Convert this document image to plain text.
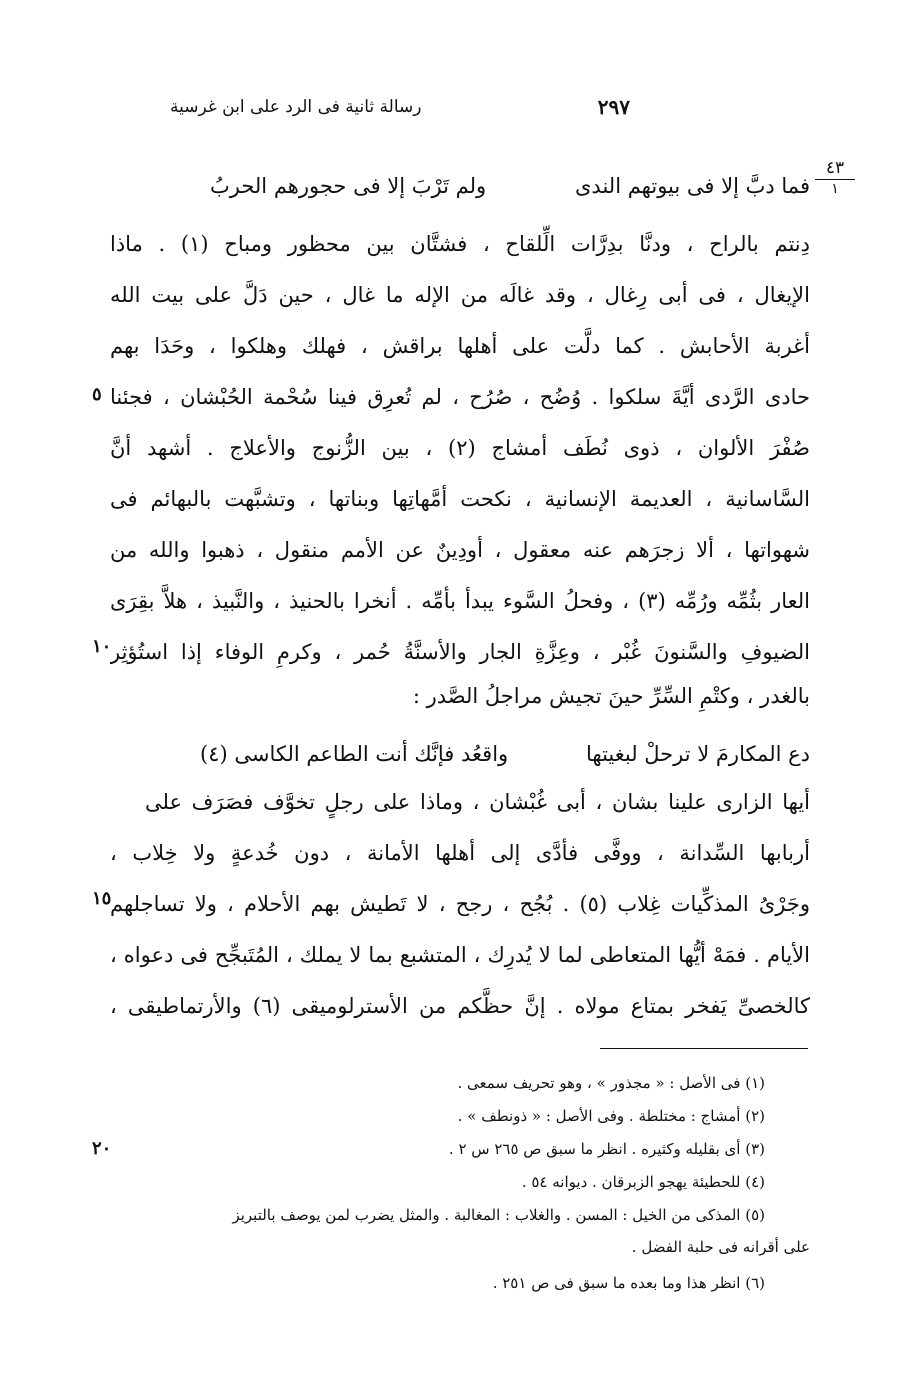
٢٩٧
رسالة ثانية فى الرد على ابن غرسية
٤٣
١
فما دبَّ إلا فى بيوتهم الندى
ولم تَرْبَ إلا فى حجورهم الحربُ
دِنتم بالراح ، ودنَّا بدِرَّات الِّلقاح ، فشتَّان بين محظور ومباح (١) . ماذا
الإيغال ، فى أبى رِغال ، وقد غالَه من الإله ما غال ، حين دَلَّ على بيت الله
أغربة الأحابش . كما دلَّت على أهلها براقش ، فهلك وهلكوا ، وحَدَا بهم
حادى الرَّدى أيَّةَ سلكوا . وُضُح ، صُرُح ، لم تُعرِق فينا سُحْمة الحُبْشان ، فجئنا
صُفْرَ الألوان ، ذوى نُطَف أمشاج (٢) ، بين الزُّنوج والأعلاج . أشهد أنَّ
السَّاسانية ، العديمة الإنسانية ، نكحت أمَّهاتِها وبناتها ، وتشبَّهت بالبهائم فى
شهواتها ، ألا زجرَهم عنه معقول ، أودِينٌ عن الأمم منقول ، ذهبوا والله من
العار بثُمِّه ورُمِّه (٣) ، وفحلُ السَّوء يبدأ بأمِّه . أنخرا بالحنيذ ، والنَّبيذ ، هلاَّ بقِرَى
الضيوفِ والسَّنونَ غُبْر ، وعِزَّةِ الجار والأسنَّةُ حُمر ، وكرمِ الوفاء إذا استُؤثِر
بالغدر ، وكتْمِ السِّرِّ حينَ تجيش مراجلُ الصَّدر :
دع المكارمَ لا ترحلْ لبغيتها
واقعُد فإنَّك أنت الطاعم الكاسى (٤)
أيها الزارى علينا بشان ، أبى غُبْشان ، وماذا على رجلٍ تخوَّف فصَرَف على
أربابها السِّدانة ، ووفَّى فأدَّى إلى أهلها الأمانة ، دون خُدعةٍ ولا خِلاب ،
وجَرْىُ المذكِّيات غِلاب (٥) . بُجُح ، رجح ، لا تَطيش بهم الأحلام ، ولا تساجلهم
الأيام . فمَهْ أيُّها المتعاطى لما لا يُدرِك ، المتشبع بما لا يملك ، المُتَبجِّح فى دعواه ،
كالخصىِّ يَفخر بمتاع مولاه . إنَّ حظَّكم من الأسترلوميقى (٦) والأرتماطيقى ،
٥
١٠
١٥
٢٠
(١) فى الأصل : « مجذور » ، وهو تحريف سمعى .
(٢) أمشاج : مختلطة . وفى الأصل : « ذونطف » .
(٣) أى بقليله وكثيره . انظر ما سبق ص ٢٦٥ س ٢ .
(٤) للحطيئة يهجو الزبرقان . ديوانه ٥٤ .
(٥) المذكى من الخيل : المسن . والغلاب : المغالبة . والمثل يضرب لمن يوصف بالتبريز
على أقرانه فى حلبة الفضل .
(٦) انظر هذا وما بعده ما سبق فى ص ٢٥١ .
